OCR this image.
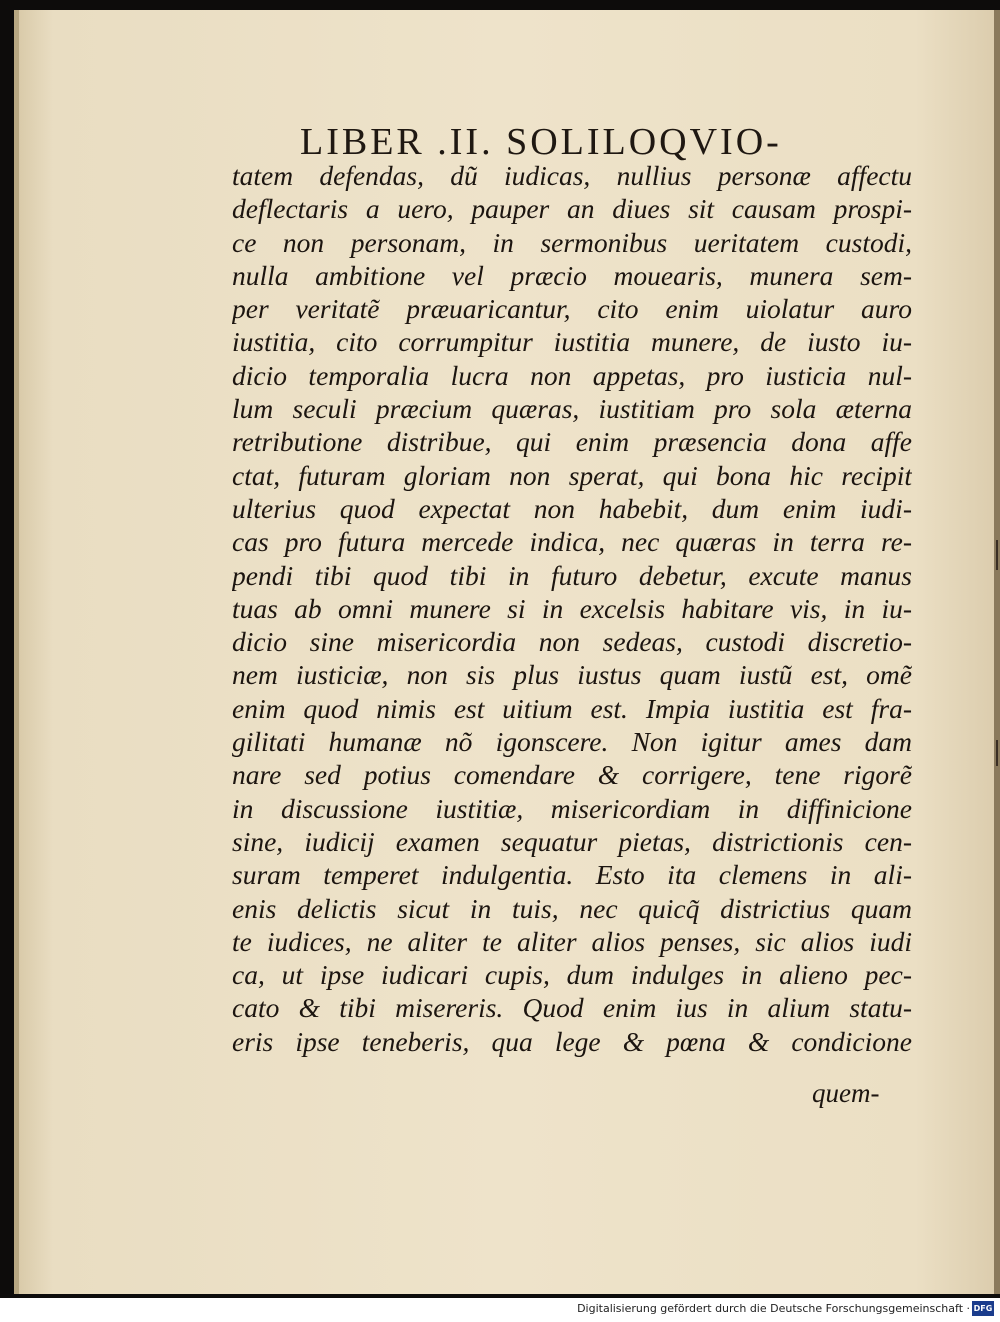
LIBER .II. SOLILOQVIO-
tatem defendas, dũ iudicas, nullius personæ affectu
deflectaris a uero, pauper an diues sit causam prospi-
ce non personam, in sermonibus ueritatem custodi,
nulla ambitione vel præcio mouearis, munera sem-
per veritatẽ præuaricantur, cito enim uiolatur auro
iustitia, cito corrumpitur iustitia munere, de iusto iu-
dicio temporalia lucra non appetas, pro iusticia nul-
lum seculi præcium quæras, iustitiam pro sola æterna
retributione distribue, qui enim præsencia dona affe
ctat, futuram gloriam non sperat, qui bona hic recipit
ulterius quod expectat non habebit, dum enim iudi-
cas pro futura mercede indica, nec quæras in terra re-
pendi tibi quod tibi in futuro debetur, excute manus
tuas ab omni munere si in excelsis habitare vis, in iu-
dicio sine misericordia non sedeas, custodi discretio-
nem iusticiæ, non sis plus iustus quam iustũ est, omẽ
enim quod nimis est uitium est. Impia iustitia est fra-
gilitati humanæ nõ igonscere. Non igitur ames dam
nare sed potius comendare & corrigere, tene rigorẽ
in discussione iustitiæ, misericordiam in diffinicione
sine, iudicij examen sequatur pietas, districtionis cen-
suram temperet indulgentia. Esto ita clemens in ali-
enis delictis sicut in tuis, nec quicq̃ districtius quam
te iudices, ne aliter te aliter alios penses, sic alios iudi
ca, ut ipse iudicari cupis, dum indulges in alieno pec-
cato & tibi misereris. Quod enim ius in alium statu-
eris ipse teneberis, qua lege & pœna & condicione
quem-
Digitalisierung gefördert durch die Deutsche Forschungsgemeinschaft · DFG
